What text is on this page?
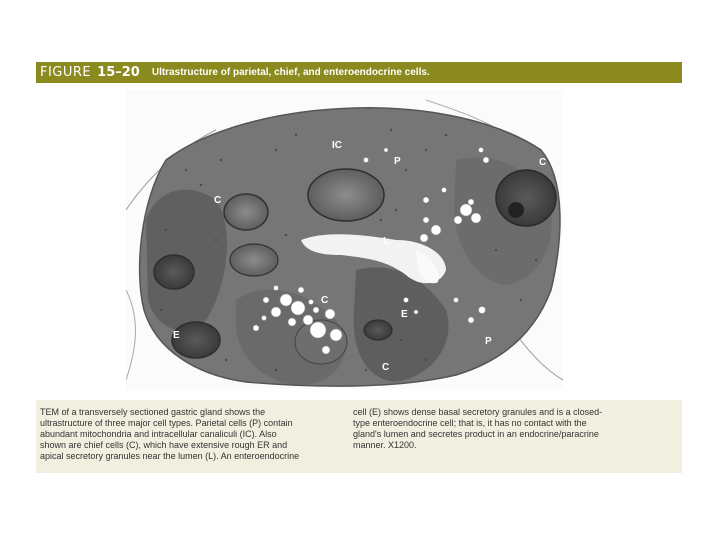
FIGURE 15–20 Ultrastructure of parietal, chief, and enteroendocrine cells.
IC
P	C
C
L
C
E
E
P
C
TEM of a transversely sectioned gastric gland shows the
ultrastructure of three major cell types. Parietal cells (P) contain
abundant mitochondria and intracellular canaliculi (IC). Also
shown are chief cells (C), which have extensive rough ER and
apical secretory granules near the lumen (L). An enteroendocrine
cell (E) shows dense basal secretory granules and is a closed-
type enteroendocrine cell; that is, it has no contact with the
gland's lumen and secretes product in an endocrine/paracrine
manner. X1200.
